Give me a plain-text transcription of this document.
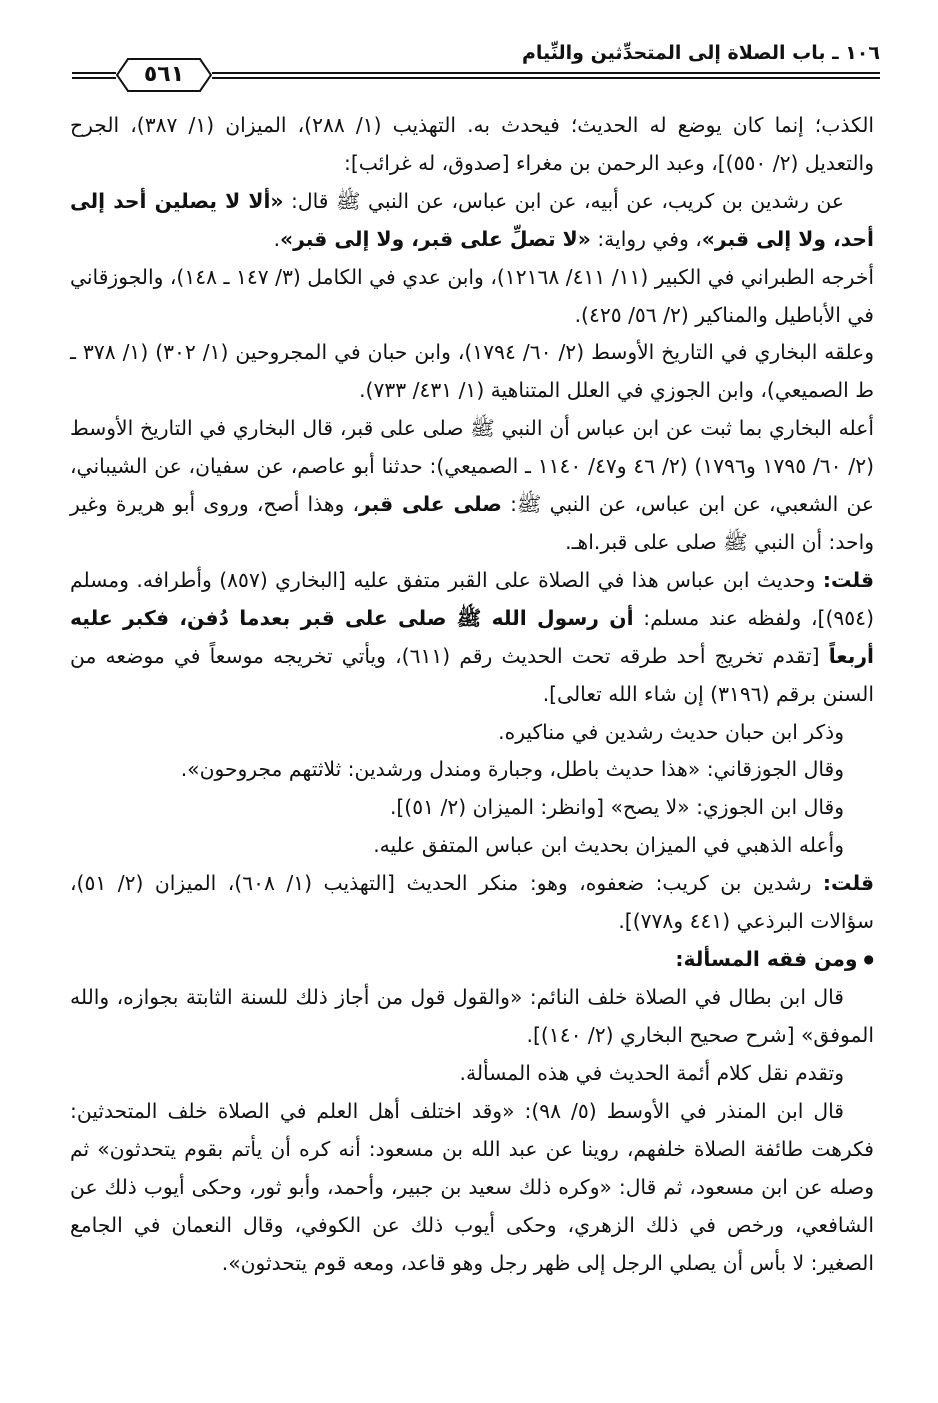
٥٦١
١٠٦ ـ باب الصلاة إلى المتحدِّثين والنِّيام

الكذب؛ إنما كان يوضع له الحديث؛ فيحدث به. التهذيب (١/ ٢٨٨)، الميزان (١/ ٣٨٧)، الجرح والتعديل (٢/ ٥٥٠)]، وعبد الرحمن بن مغراء [صدوق، له غرائب]:

عن رشدين بن كريب، عن أبيه، عن ابن عباس، عن النبي ﷺ قال: «ألا لا يصلين أحد إلى أحد، ولا إلى قبر»، وفي رواية: «لا تصلِّ على قبر، ولا إلى قبر».

أخرجه الطبراني في الكبير (١١/ ٤١١/ ١٢١٦٨)، وابن عدي في الكامل (٣/ ١٤٧ ـ ١٤٨)، والجوزقاني في الأباطيل والمناكير (٢/ ٥٦/ ٤٢٥).

وعلقه البخاري في التاريخ الأوسط (٢/ ٦٠/ ١٧٩٤)، وابن حبان في المجروحين (١/ ٣٠٢) (١/ ٣٧٨ ـ ط الصميعي)، وابن الجوزي في العلل المتناهية (١/ ٤٣١/ ٧٣٣).

أعله البخاري بما ثبت عن ابن عباس أن النبي ﷺ صلى على قبر، قال البخاري في التاريخ الأوسط (٢/ ٦٠/ ١٧٩٥ و١٧٩٦) (٢/ ٤٦ و٤٧/ ١١٤٠ ـ الصميعي): حدثنا أبو عاصم، عن سفيان، عن الشيباني، عن الشعبي، عن ابن عباس، عن النبي ﷺ: صلى على قبر، وهذا أصح، وروى أبو هريرة وغير واحد: أن النبي ﷺ صلى على قبر.اهـ.

قلت: وحديث ابن عباس هذا في الصلاة على القبر متفق عليه [البخاري (٨٥٧) وأطرافه. ومسلم (٩٥٤)]، ولفظه عند مسلم: أن رسول الله ﷺ صلى على قبر بعدما دُفن، فكبر عليه أربعاً [تقدم تخريج أحد طرقه تحت الحديث رقم (٦١١)، ويأتي تخريجه موسعاً في موضعه من السنن برقم (٣١٩٦) إن شاء الله تعالى].

وذكر ابن حبان حديث رشدين في مناكيره.

وقال الجوزقاني: «هذا حديث باطل، وجبارة ومندل ورشدين: ثلاثتهم مجروحون».

وقال ابن الجوزي: «لا يصح» [وانظر: الميزان (٢/ ٥١)].

وأعله الذهبي في الميزان بحديث ابن عباس المتفق عليه.

قلت: رشدين بن كريب: ضعفوه، وهو: منكر الحديث [التهذيب (١/ ٦٠٨)، الميزان (٢/ ٥١)، سؤالات البرذعي (٤٤١ و٧٧٨)].

● ومن فقه المسألة:

قال ابن بطال في الصلاة خلف النائم: «والقول قول من أجاز ذلك للسنة الثابتة بجوازه، والله الموفق» [شرح صحيح البخاري (٢/ ١٤٠)].

وتقدم نقل كلام أئمة الحديث في هذه المسألة.

قال ابن المنذر في الأوسط (٥/ ٩٨): «وقد اختلف أهل العلم في الصلاة خلف المتحدثين: فكرهت طائفة الصلاة خلفهم، روينا عن عبد الله بن مسعود: أنه كره أن يأتم بقوم يتحدثون» ثم وصله عن ابن مسعود، ثم قال: «وكره ذلك سعيد بن جبير، وأحمد، وأبو ثور، وحكى أيوب ذلك عن الشافعي، ورخص في ذلك الزهري، وحكى أيوب ذلك عن الكوفي، وقال النعمان في الجامع الصغير: لا بأس أن يصلي الرجل إلى ظهر رجل وهو قاعد، ومعه قوم يتحدثون».
